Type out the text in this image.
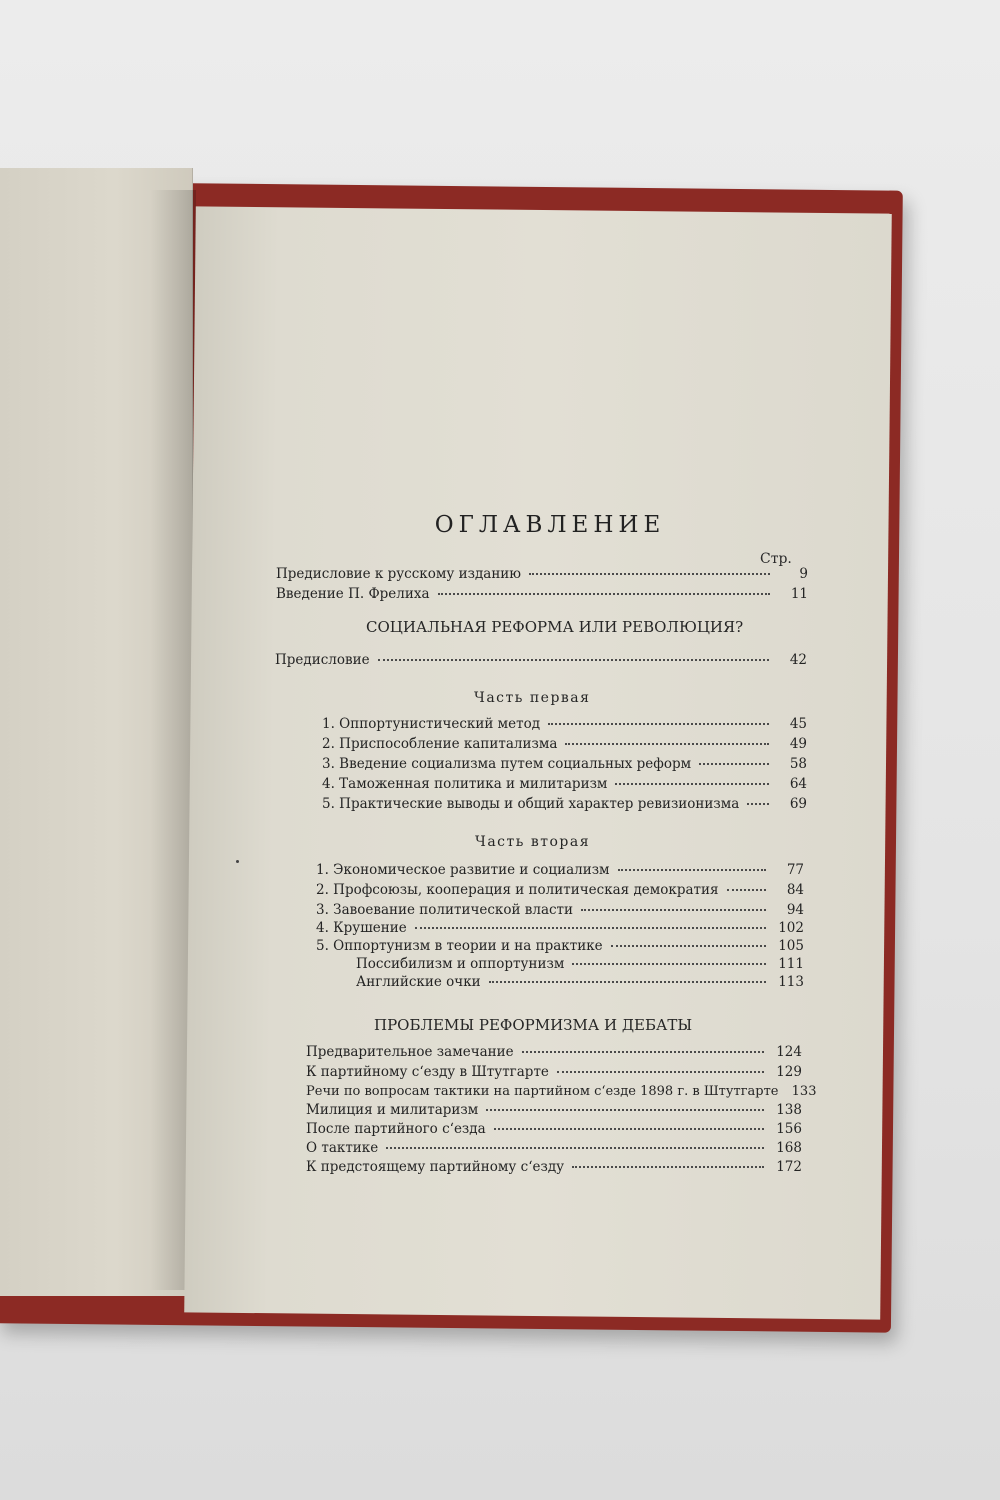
ОГЛАВЛЕНИЕ
Стр.
Предисловие к русскому изданию	9
Введение П. Фрелиха	11
СОЦИАЛЬНАЯ РЕФОРМА ИЛИ РЕВОЛЮЦИЯ?
Предисловие	42
Часть первая
1. Оппортунистический метод	45
2. Приспособление капитализма	49
3. Введение социализма путем социальных реформ	58
4. Таможенная политика и милитаризм	64
5. Практические выводы и общий характер ревизионизма	69
Часть вторая
1. Экономическое развитие и социализм	77
2. Профсоюзы, кооперация и политическая демократия	84
3. Завоевание политической власти	94
4. Крушение	102
5. Оппортунизм в теории и на практике	105
Поссибилизм и оппортунизм	111
Английские очки	113
ПРОБЛЕМЫ РЕФОРМИЗМА И ДЕБАТЫ
Предварительное замечание	124
К партийному с‘езду в Штутгарте	129
Речи по вопросам тактики на партийном с‘езде 1898 г. в Штутгарте	133
Милиция и милитаризм	138
После партийного с‘езда	156
О тактике	168
К предстоящему партийному с‘езду	172
